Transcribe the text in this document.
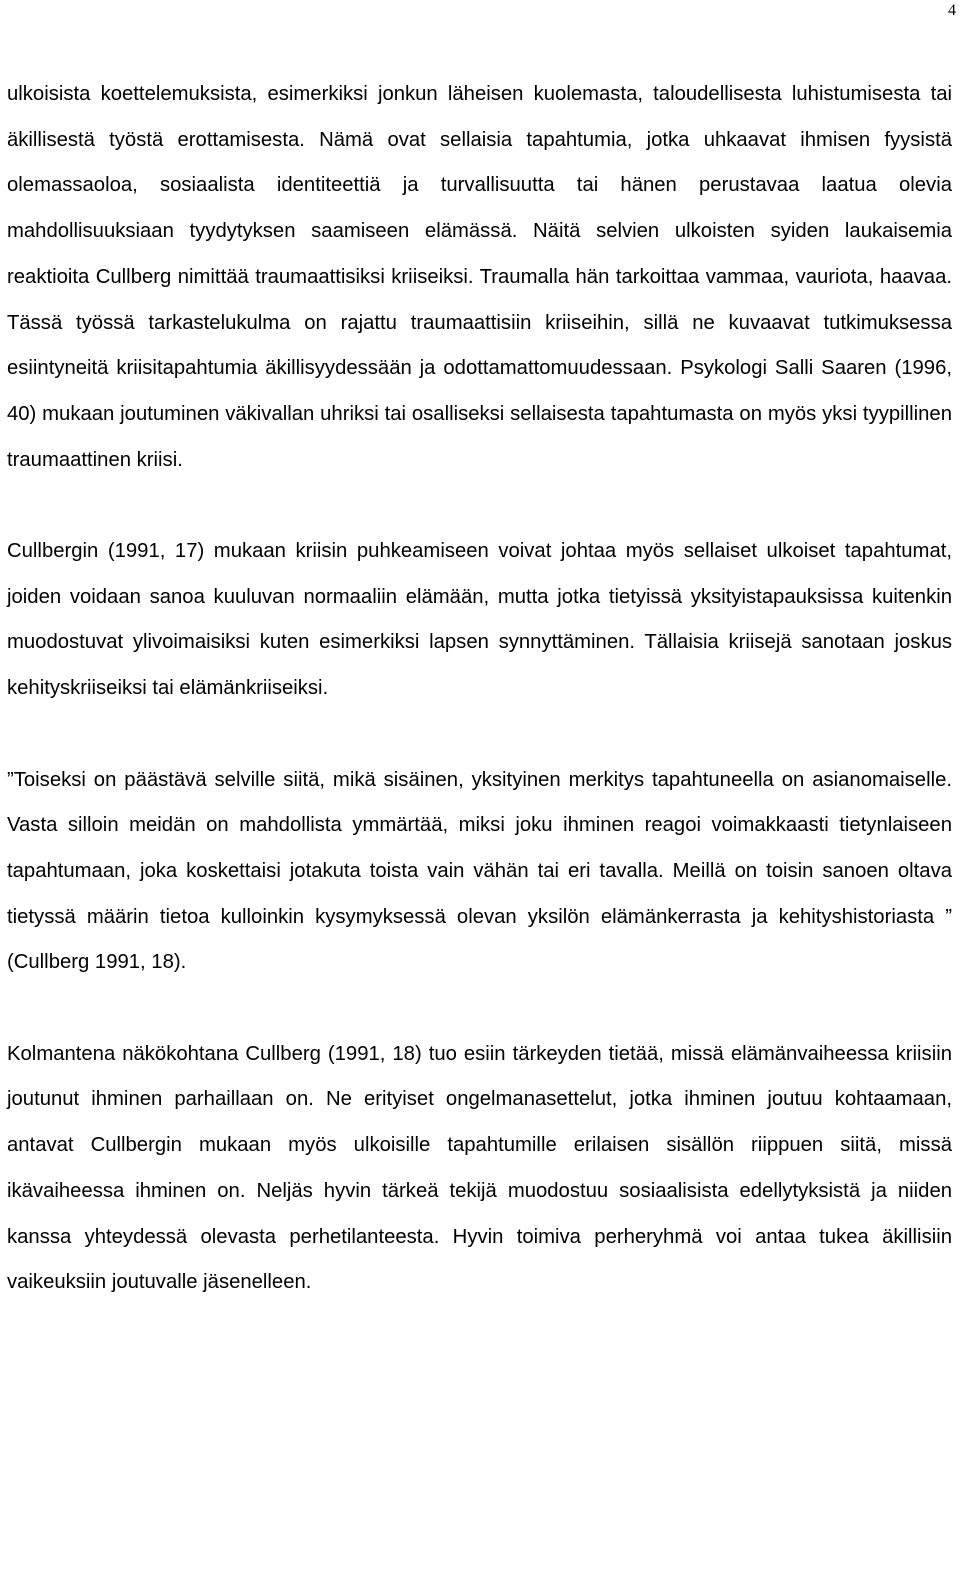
4

ulkoisista koettelemuksista, esimerkiksi jonkun läheisen kuolemasta, taloudellisesta luhistumisesta tai äkillisestä työstä erottamisesta. Nämä ovat sellaisia tapahtumia, jotka uhkaavat ihmisen fyysistä olemassaoloa, sosiaalista identiteettiä ja turvallisuutta tai hänen perustavaa laatua olevia mahdollisuuksiaan tyydytyksen saamiseen elämässä. Näitä selvien ulkoisten syiden laukaisemia reaktioita Cullberg nimittää traumaattisiksi kriiseiksi. Traumalla hän tarkoittaa vammaa, vauriota, haavaa. Tässä työssä tarkastelukulma on rajattu traumaattisiin kriiseihin, sillä ne kuvaavat tutkimuksessa esiintyneitä kriisitapahtumia äkillisyydessään ja odottamattomuudessaan. Psykologi Salli Saaren (1996, 40) mukaan joutuminen väkivallan uhriksi tai osalliseksi sellaisesta tapahtumasta on myös yksi tyypillinen traumaattinen kriisi.

Cullbergin (1991, 17) mukaan kriisin puhkeamiseen voivat johtaa myös sellaiset ulkoiset tapahtumat, joiden voidaan sanoa kuuluvan normaaliin elämään, mutta jotka tietyissä yksityistapauksissa kuitenkin muodostuvat ylivoimaisiksi kuten esimerkiksi lapsen synnyttäminen. Tällaisia kriisejä sanotaan joskus kehityskriiseiksi tai elämänkriiseiksi.

”Toiseksi on päästävä selville siitä, mikä sisäinen, yksityinen merkitys tapahtuneella on asianomaiselle. Vasta silloin meidän on mahdollista ymmärtää, miksi joku ihminen reagoi voimakkaasti tietynlaiseen tapahtumaan, joka koskettaisi jotakuta toista vain vähän tai eri tavalla. Meillä on toisin sanoen oltava tietyssä määrin tietoa kulloinkin kysymyksessä olevan yksilön elämänkerrasta ja kehityshistoriasta ” (Cullberg 1991, 18).

Kolmantena näkökohtana Cullberg (1991, 18) tuo esiin tärkeyden tietää, missä elämänvaiheessa kriisiin joutunut ihminen parhaillaan on. Ne erityiset ongelmanasettelut, jotka ihminen joutuu kohtaamaan, antavat Cullbergin mukaan myös ulkoisille tapahtumille erilaisen sisällön riippuen siitä, missä ikävaiheessa ihminen on. Neljäs hyvin tärkeä tekijä muodostuu sosiaalisista edellytyksistä ja niiden kanssa yhteydessä olevasta perhetilanteesta. Hyvin toimiva perheryhmä voi antaa tukea äkillisiin vaikeuksiin joutuvalle jäsenelleen.
